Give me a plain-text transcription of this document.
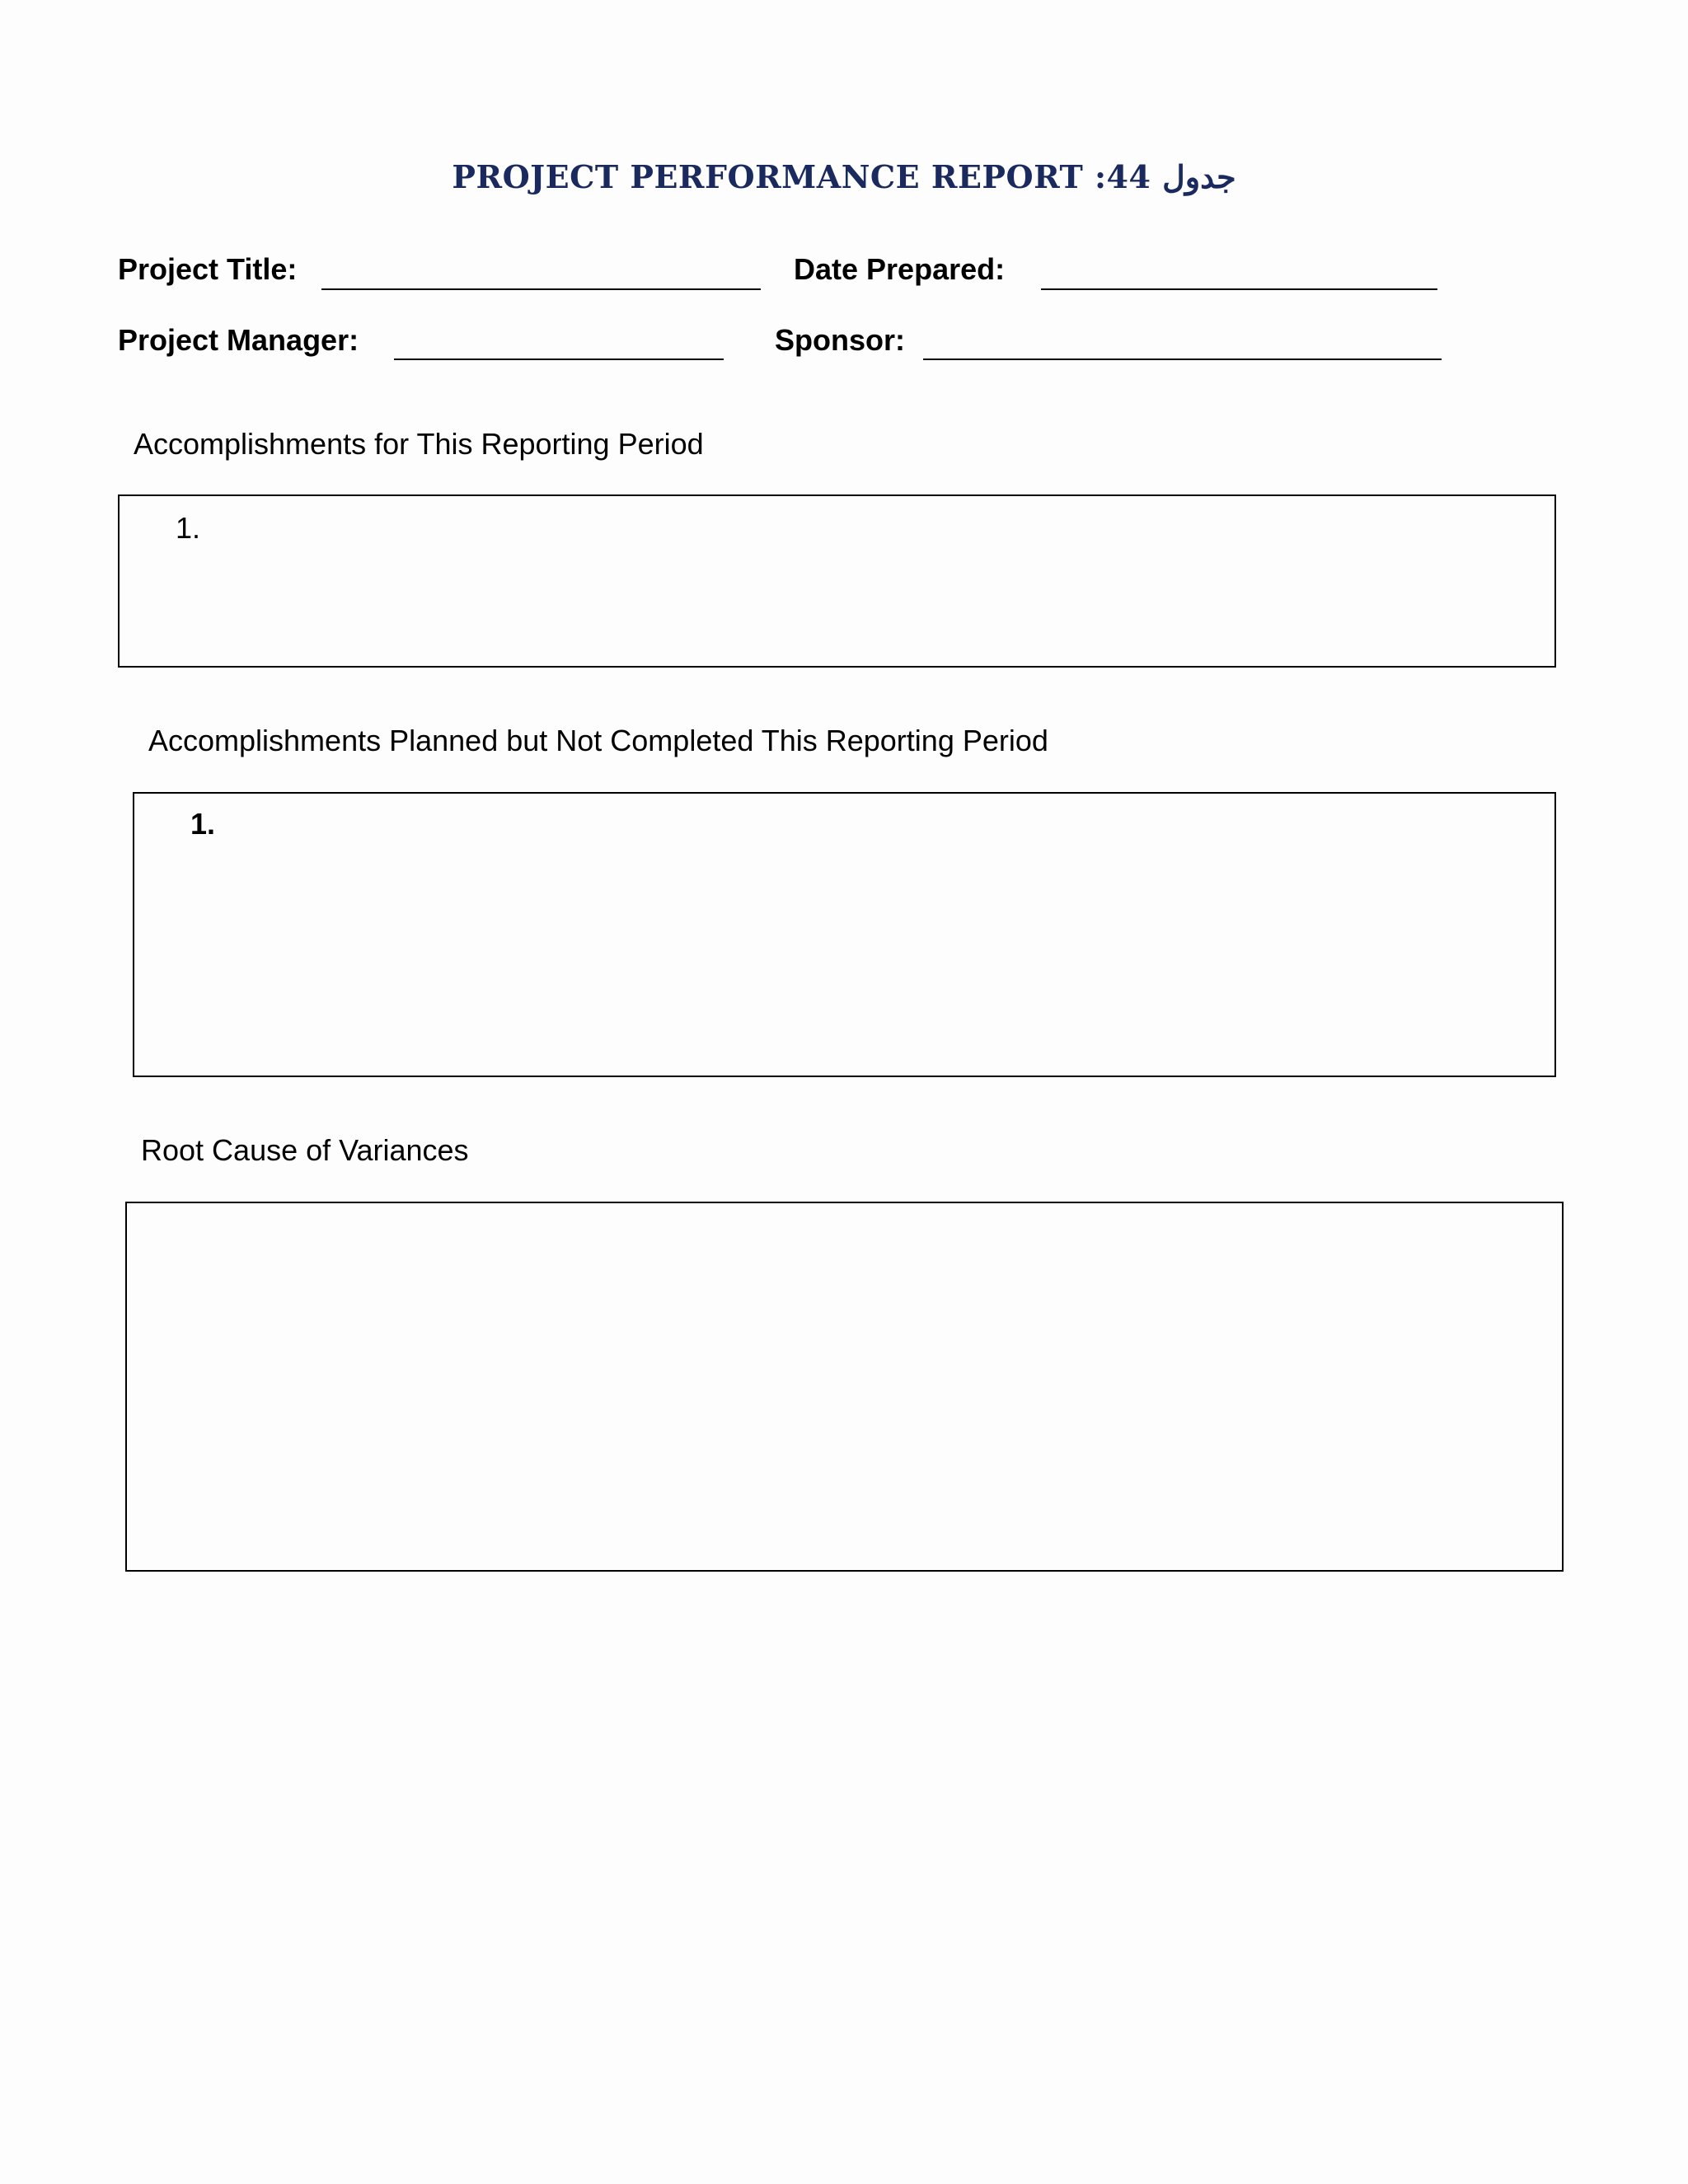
PROJECT PERFORMANCE REPORT :44 جدول
Project Title:	Date Prepared:
Project Manager:	Sponsor:
Accomplishments for This Reporting Period
1.
Accomplishments Planned but Not Completed This Reporting Period
1.
Root Cause of Variances
